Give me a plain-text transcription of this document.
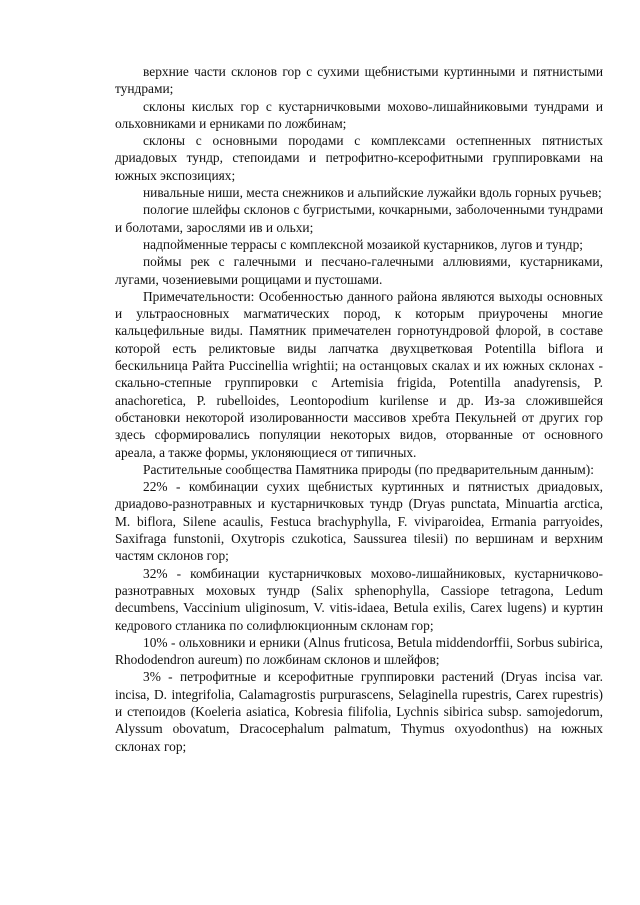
верхние части склонов гор с сухими щебнистыми куртинными и пятнистыми тундрами;

склоны кислых гор с кустарничковыми мохово-лишайниковыми тундрами и ольховниками и ерниками по ложбинам;

склоны с основными породами с комплексами остепненных пятнистых дриадовых тундр, степоидами и петрофитно-ксерофитными группировками на южных экспозициях;

нивальные ниши, места снежников и альпийские лужайки вдоль горных ручьев;

пологие шлейфы склонов с бугристыми, кочкарными, заболоченными тундрами и болотами, зарослями ив и ольхи;

надпойменные террасы с комплексной мозаикой кустарников, лугов и тундр;

поймы рек с галечными и песчано-галечными аллювиями, кустарниками, лугами, чозениевыми рощицами и пустошами.

Примечательности: Особенностью данного района являются выходы основных и ультраосновных магматических пород, к которым приурочены многие кальцефильные виды. Памятник примечателен горнотундровой флорой, в составе которой есть реликтовые виды лапчатка двухцветковая Potentilla biflora и бескильница Райта Puccinellia wrightii; на останцовых скалах и их южных склонах - скально-степные группировки с Artemisia frigida, Potentilla anadyrensis, P. anachoretica, P. rubelloides, Leontopodium kurilense и др. Из-за сложившейся обстановки некоторой изолированности массивов хребта Пекульней от других гор здесь сформировались популяции некоторых видов, оторванные от основного ареала, а также формы, уклоняющиеся от типичных.

Растительные сообщества Памятника природы (по предварительным данным):

22% - комбинации сухих щебнистых куртинных и пятнистых дриадовых, дриадово-разнотравных и кустарничковых тундр (Dryas punctata, Minuartia arctica, M. biflora, Silene acaulis, Festuca brachyphylla, F. viviparoidea, Ermania parryoides, Saxifraga funstonii, Oxytropis czukotica, Saussurea tilesii) по вершинам и верхним частям склонов гор;

32% - комбинации кустарничковых мохово-лишайниковых, кустарничково-разнотравных моховых тундр (Salix sphenophylla, Cassiope tetragona, Ledum decumbens, Vaccinium uliginosum, V. vitis-idaea, Betula exilis, Carex lugens) и куртин кедрового стланика по солифлюкционным склонам гор;

10% - ольховники и ерники (Alnus fruticosa, Betula middendorffii, Sorbus subirica, Rhododendron aureum) по ложбинам склонов и шлейфов;

3% - петрофитные и ксерофитные группировки растений (Dryas incisa var. incisa, D. integrifolia, Calamagrostis purpurascens, Selaginella rupestris, Carex rupestris) и степоидов (Koeleria asiatica, Kobresia filifolia, Lychnis sibirica subsp. samojedorum, Alyssum obovatum, Dracocephalum palmatum, Thymus oxyodonthus) на южных склонах гор;
